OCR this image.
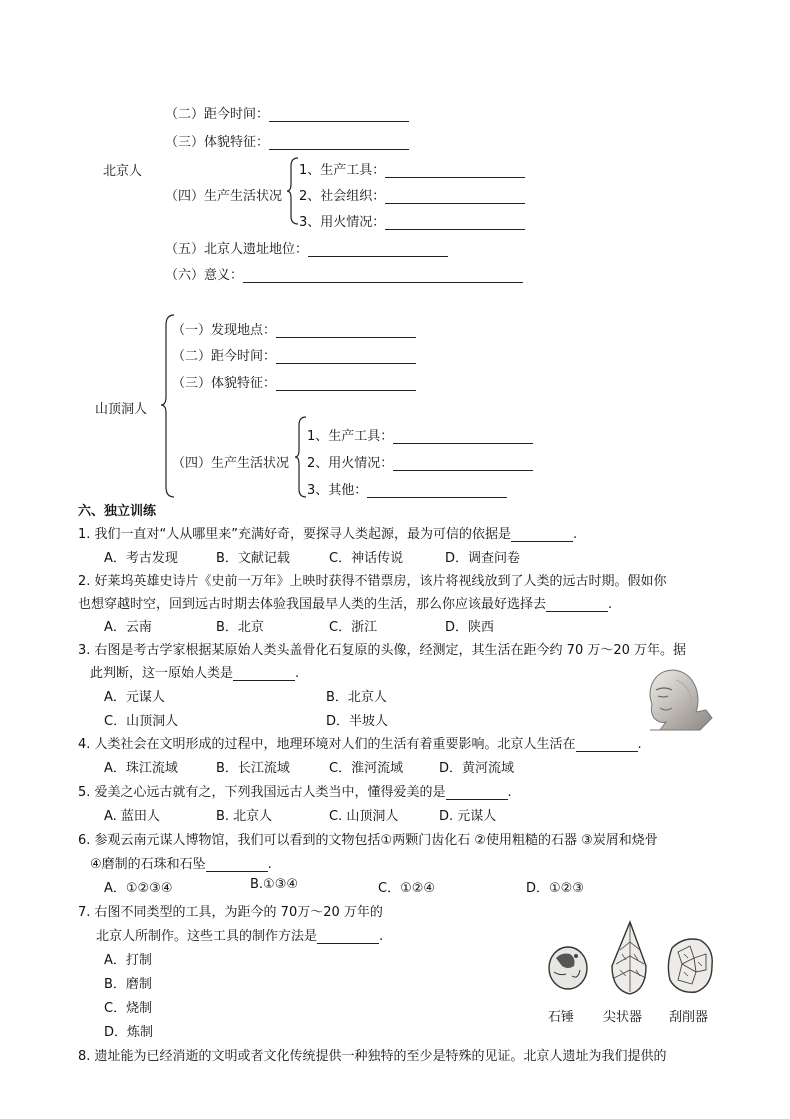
（二）距今时间：
（三）体貌特征：
北京人
（四）生产生活状况
1、生产工具：
2、社会组织：
3、用火情况：
（五）北京人遗址地位：
（六）意义：
山顶洞人
（一）发现地点：
（二）距今时间：
（三）体貌特征：
（四）生产生活状况
1、生产工具：
2、用火情况：
3、其他：
六、独立训练
1. 我们一直对“人从哪里来”充满好奇，要探寻人类起源，最为可信的依据是	.
A．考古发现	B．文献记载	C．神话传说	D．调查问卷
2. 好莱坞英雄史诗片《史前一万年》上映时获得不错票房，该片将视线放到了人类的远古时期。假如你
也想穿越时空，回到远古时期去体验我国最早人类的生活，那么你应该最好选择去	.
A．云南	B．北京	C．浙江	D．陕西
3. 右图是考古学家根据某原始人类头盖骨化石复原的头像，经测定，其生活在距今约 70 万～20 万年。据
此判断，这一原始人类是	.
A．元谋人	B．北京人
C．山顶洞人	D．半坡人
4. 人类社会在文明形成的过程中，地理环境对人们的生活有着重要影响。北京人生活在	.
A．珠江流域	B．长江流域	C．淮河流域	D．黄河流域
5. 爱美之心远古就有之，下列我国远古人类当中，懂得爱美的是	.
A. 蓝田人	B. 北京人	C. 山顶洞人	D. 元谋人
6. 参观云南元谋人博物馆，我们可以看到的文物包括①两颗门齿化石 ②使用粗糙的石器 ③炭屑和烧骨
④磨制的石珠和石坠	.
A．①②③④	B.①③④	C．①②④	D．①②③
7. 右图不同类型的工具，为距今的 70万～20 万年的
北京人所制作。这些工具的制作方法是	.
A．打制
B．磨制
C．烧制
D．炼制
石锤 尖状器 刮削器
8. 遗址能为已经消逝的文明或者文化传统提供一种独特的至少是特殊的见证。北京人遗址为我们提供的
